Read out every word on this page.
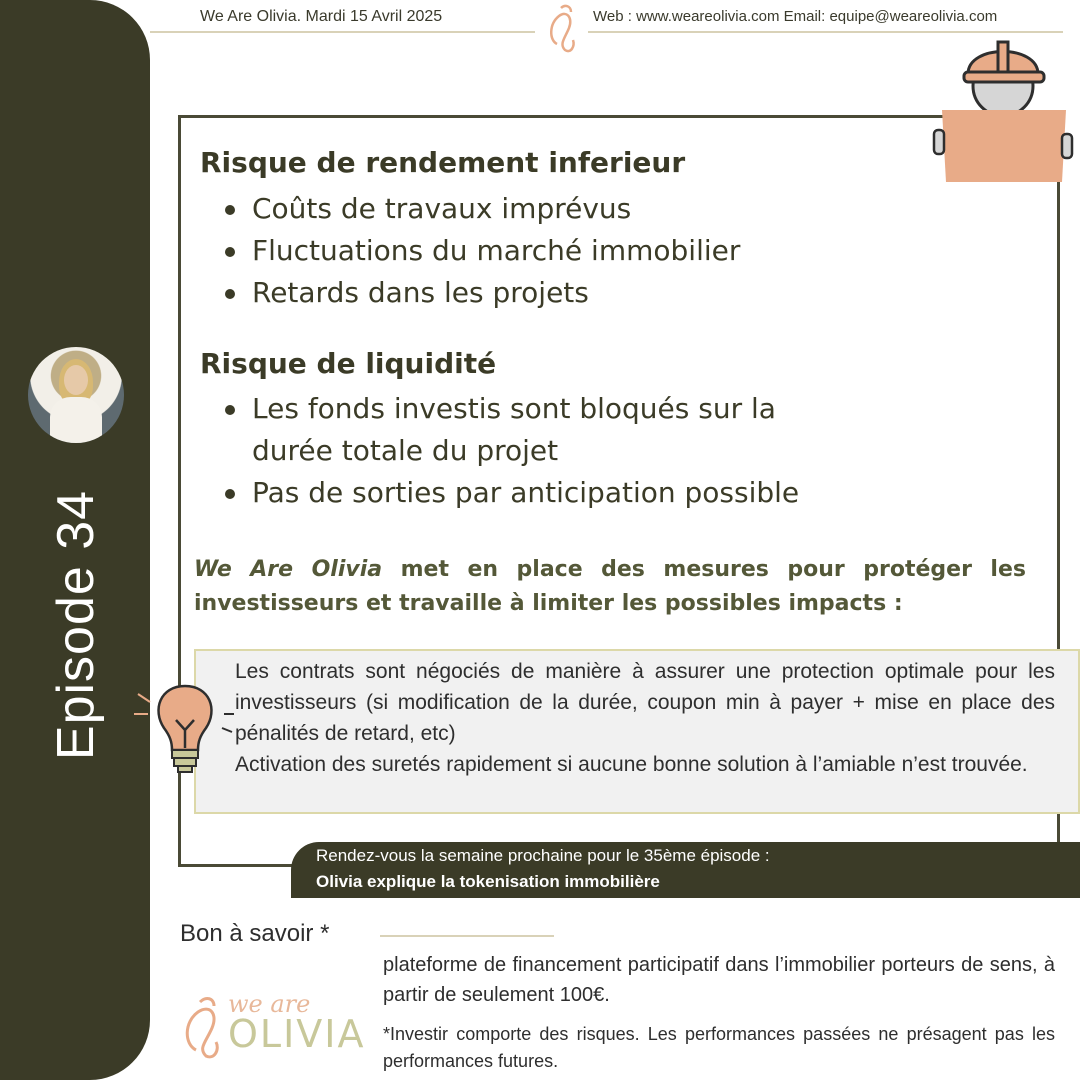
Episode 34
We Are Olivia. Mardi 15 Avril 2025	Web : www.weareolivia.com Email: equipe@weareolivia.com
Risque de rendement inferieur
Coûts de travaux imprévus
Fluctuations du marché immobilier
Retards dans les projets
Risque de liquidité
Les fonds investis sont bloqués sur la durée totale du projet
Pas de sorties par anticipation possible
We Are Olivia met en place des mesures pour protéger les investisseurs et travaille à limiter les possibles impacts :
Les contrats sont négociés de manière à assurer une protection optimale pour les investisseurs (si modification de la durée, coupon min à payer + mise en place des pénalités de retard, etc)
Activation des suretés rapidement si aucune bonne solution à l’amiable n’est trouvée.
Rendez-vous la semaine prochaine pour le 35ème épisode :
Olivia explique la tokenisation immobilière
Bon à savoir *
plateforme de financement participatif dans l’immobilier porteurs de sens, à partir de seulement 100€.
*Investir comporte des risques. Les performances passées ne présagent pas les performances futures.
we are
OLIVIA
